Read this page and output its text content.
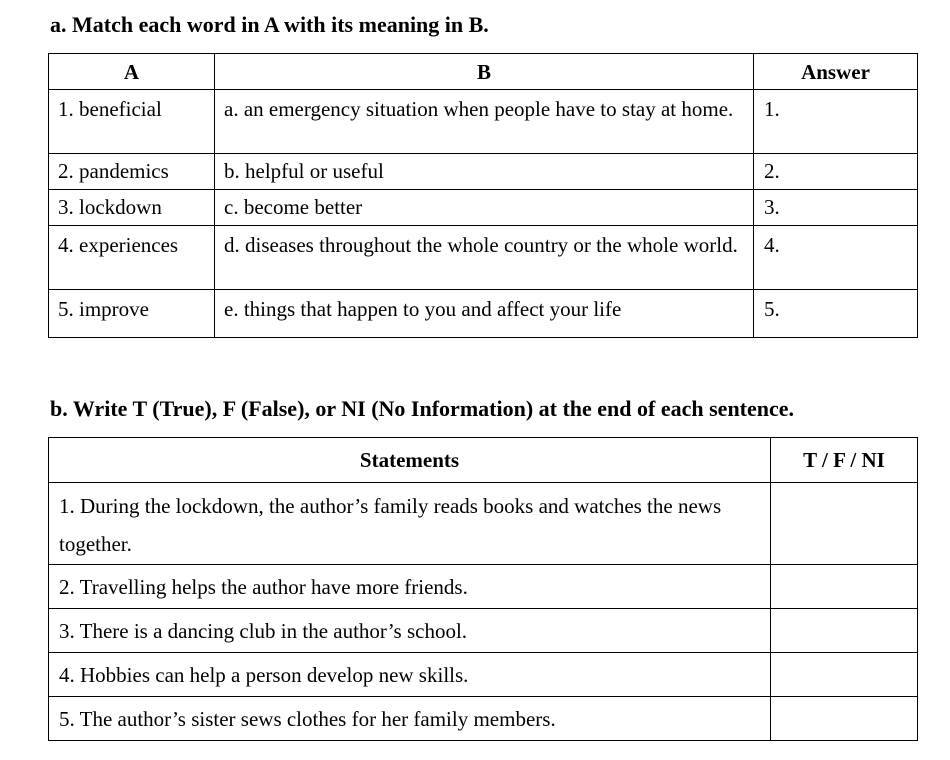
a. Match each word in A with its meaning in B.
A	B	Answer
1. beneficial	a. an emergency situation when people have to stay at home.	1.
2. pandemics	b. helpful or useful	2.
3. lockdown	c. become better	3.
4. experiences	d. diseases throughout the whole country or the whole world.	4.
5. improve	e. things that happen to you and affect your life	5.
b. Write T (True), F (False), or NI (No Information) at the end of each sentence.
Statements	T / F / NI
1. During the lockdown, the author’s family reads books and watches the news together.	
2. Travelling helps the author have more friends.	
3. There is a dancing club in the author’s school.	
4. Hobbies can help a person develop new skills.	
5. The author’s sister sews clothes for her family members.	
